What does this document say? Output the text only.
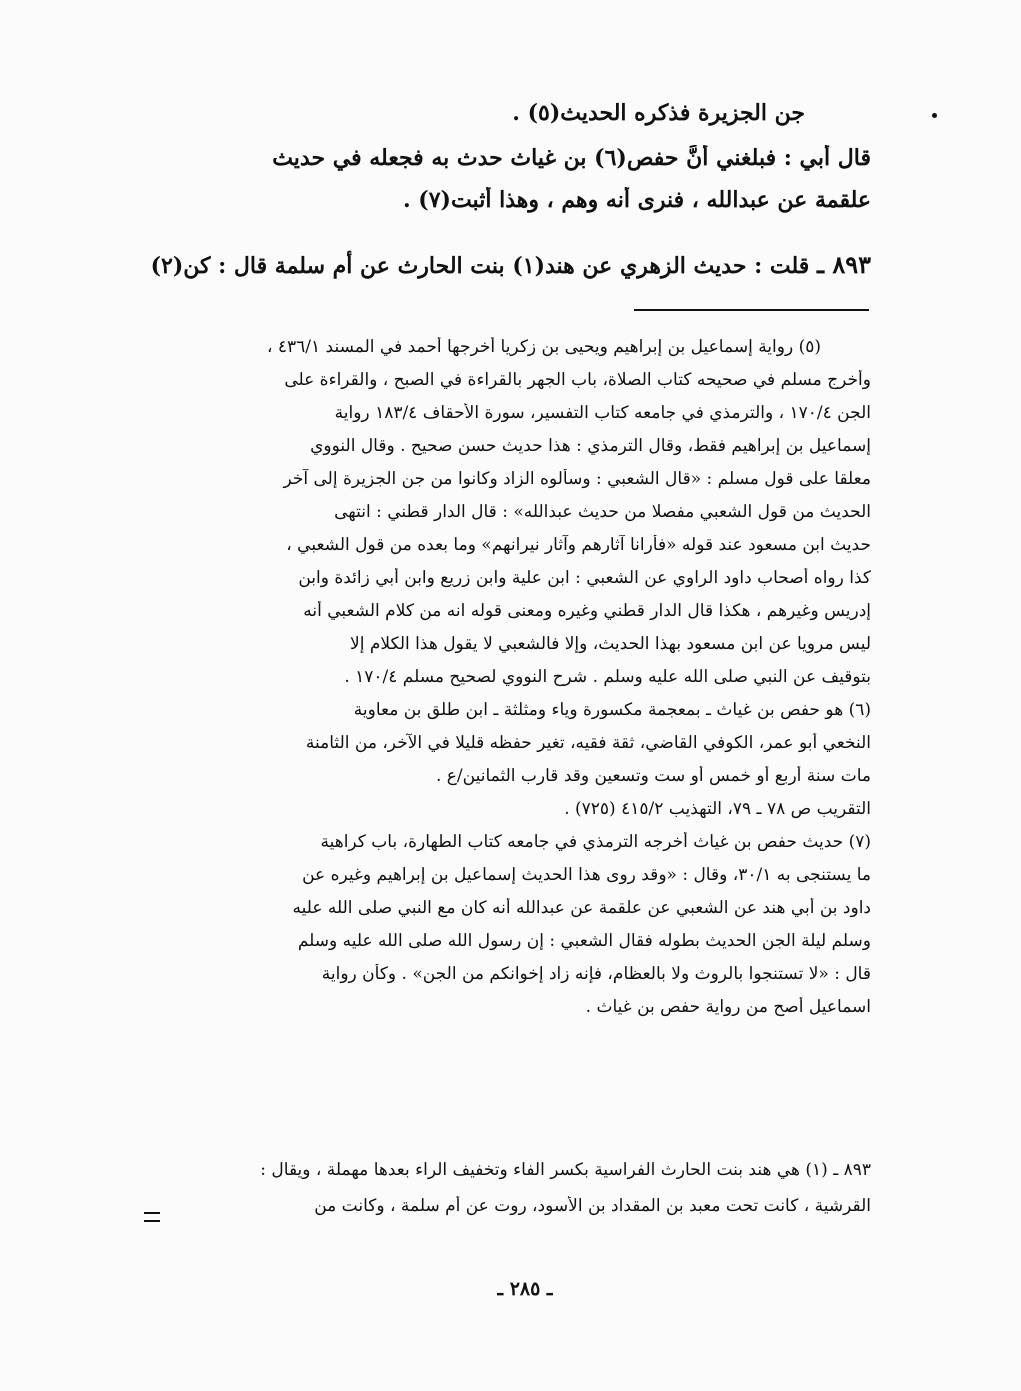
جن الجزيرة فذكره الحديث(٥) .
قال أبي : فبلغني أنَّ حفص(٦) بن غياث حدث به فجعله في حديث
علقمة عن عبدالله ، فنرى أنه وهم ، وهذا أثبت(٧) .
٨٩٣ ـ قلت : حديث الزهري عن هند(١) بنت الحارث عن أم سلمة قال : كن(٢)
(٥) رواية إسماعيل بن إبراهيم ويحيى بن زكريا أخرجها أحمد في المسند ٤٣٦/١ ،
وأخرج مسلم في صحيحه كتاب الصلاة، باب الجهر بالقراءة في الصبح ، والقراءة على
الجن ١٧٠/٤ ، والترمذي في جامعه كتاب التفسير، سورة الأحقاف ١٨٣/٤ رواية
إسماعيل بن إبراهيم فقط، وقال الترمذي : هذا حديث حسن صحيح . وقال النووي
معلقا على قول مسلم : «قال الشعبي : وسألوه الزاد وكانوا من جن الجزيرة إلى آخر
الحديث من قول الشعبي مفصلا من حديث عبدالله» : قال الدار قطني : انتهى
حديث ابن مسعود عند قوله «فأرانا آثارهم وآثار نيرانهم» وما بعده من قول الشعبي ،
كذا رواه أصحاب داود الراوي عن الشعبي : ابن علية وابن زريع وابن أبي زائدة وابن
إدريس وغيرهم ، هكذا قال الدار قطني وغيره ومعنى قوله انه من كلام الشعبي أنه
ليس مرويا عن ابن مسعود بهذا الحديث، وإلا فالشعبي لا يقول هذا الكلام إلا
بتوقيف عن النبي صلى الله عليه وسلم . شرح النووي لصحيح مسلم ١٧٠/٤ .
(٦) هو حفص بن غياث ـ بمعجمة مكسورة وياء ومثلثة ـ ابن طلق بن معاوية
النخعي أبو عمر، الكوفي القاضي، ثقة فقيه، تغير حفظه قليلا في الآخر، من الثامنة
مات سنة أربع أو خمس أو ست وتسعين وقد قارب الثمانين/ع .
التقريب ص ٧٨ ـ ٧٩، التهذيب ٤١٥/٢ (٧٢٥) .
(٧) حديث حفص بن غياث أخرجه الترمذي في جامعه كتاب الطهارة، باب كراهية
ما يستنجى به ٣٠/١، وقال : «وقد روى هذا الحديث إسماعيل بن إبراهيم وغيره عن
داود بن أبي هند عن الشعبي عن علقمة عن عبدالله أنه كان مع النبي صلى الله عليه
وسلم ليلة الجن الحديث بطوله فقال الشعبي : إن رسول الله صلى الله عليه وسلم
قال : «لا تستنجوا بالروث ولا بالعظام، فإنه زاد إخوانكم من الجن» . وكأن رواية
اسماعيل أصح من رواية حفص بن غياث .
٨٩٣ ـ (١) هي هند بنت الحارث الفراسية بكسر الفاء وتخفيف الراء بعدها مهملة ، ويقال :
القرشية ، كانت تحت معبد بن المقداد بن الأسود، روت عن أم سلمة ، وكانت من
ـ ٢٨٥ ـ
